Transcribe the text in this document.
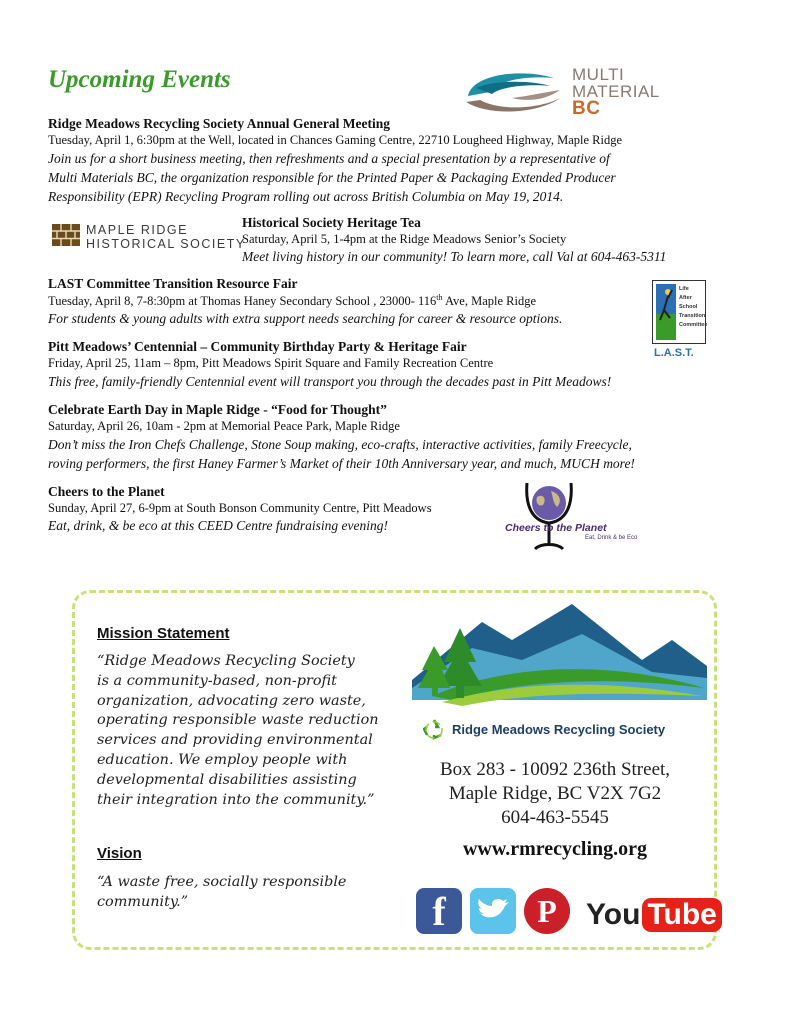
Upcoming Events	MULTI
MATERIAL
BC
Ridge Meadows Recycling Society Annual General Meeting
Tuesday, April 1, 6:30pm at the Well, located in Chances Gaming Centre, 22710 Lougheed Highway, Maple Ridge
Join us for a short business meeting, then refreshments and a special presentation by a representative of
Multi Materials BC, the organization responsible for the Printed Paper & Packaging Extended Producer
Responsibility (EPR) Recycling Program rolling out across British Columbia on May 19, 2014.
MAPLE RIDGE
HISTORICAL SOCIETY
Historical Society Heritage Tea
Saturday, April 5, 1-4pm at the Ridge Meadows Senior’s Society
Meet living history in our community! To learn more, call Val at 604-463-5311
LAST Committee Transition Resource Fair
Tuesday, April 8, 7-8:30pm at Thomas Haney Secondary School , 23000- 116th Ave, Maple Ridge
For students & young adults with extra support needs searching for career & resource options.
Life
After
School
Transition
Committee
L.A.S.T.
Pitt Meadows’ Centennial – Community Birthday Party & Heritage Fair
Friday, April 25, 11am – 8pm, Pitt Meadows Spirit Square and Family Recreation Centre
This free, family-friendly Centennial event will transport you through the decades past in Pitt Meadows!
Celebrate Earth Day in Maple Ridge - “Food for Thought”
Saturday, April 26, 10am - 2pm at Memorial Peace Park, Maple Ridge
Don’t miss the Iron Chefs Challenge, Stone Soup making, eco-crafts, interactive activities, family Freecycle,
roving performers, the first Haney Farmer’s Market of their 10th Anniversary year, and much, MUCH more!
Cheers to the Planet
Sunday, April 27, 6-9pm at South Bonson Community Centre, Pitt Meadows
Eat, drink, & be eco at this CEED Centre fundraising evening!	Cheers to the Planet
Eat, Drink & be Eco
Mission Statement
“Ridge Meadows Recycling Society
is a community-based, non-profit
organization, advocating zero waste,
operating responsible waste reduction
services and providing environmental
education. We employ people with
developmental disabilities assisting
their integration into the community.”
Vision
“A waste free, socially responsible
community.”
Ridge Meadows Recycling Society
Box 283 - 10092 236th Street,
Maple Ridge, BC V2X 7G2
604-463-5545
www.rmrecycling.org
f	P You Tube
